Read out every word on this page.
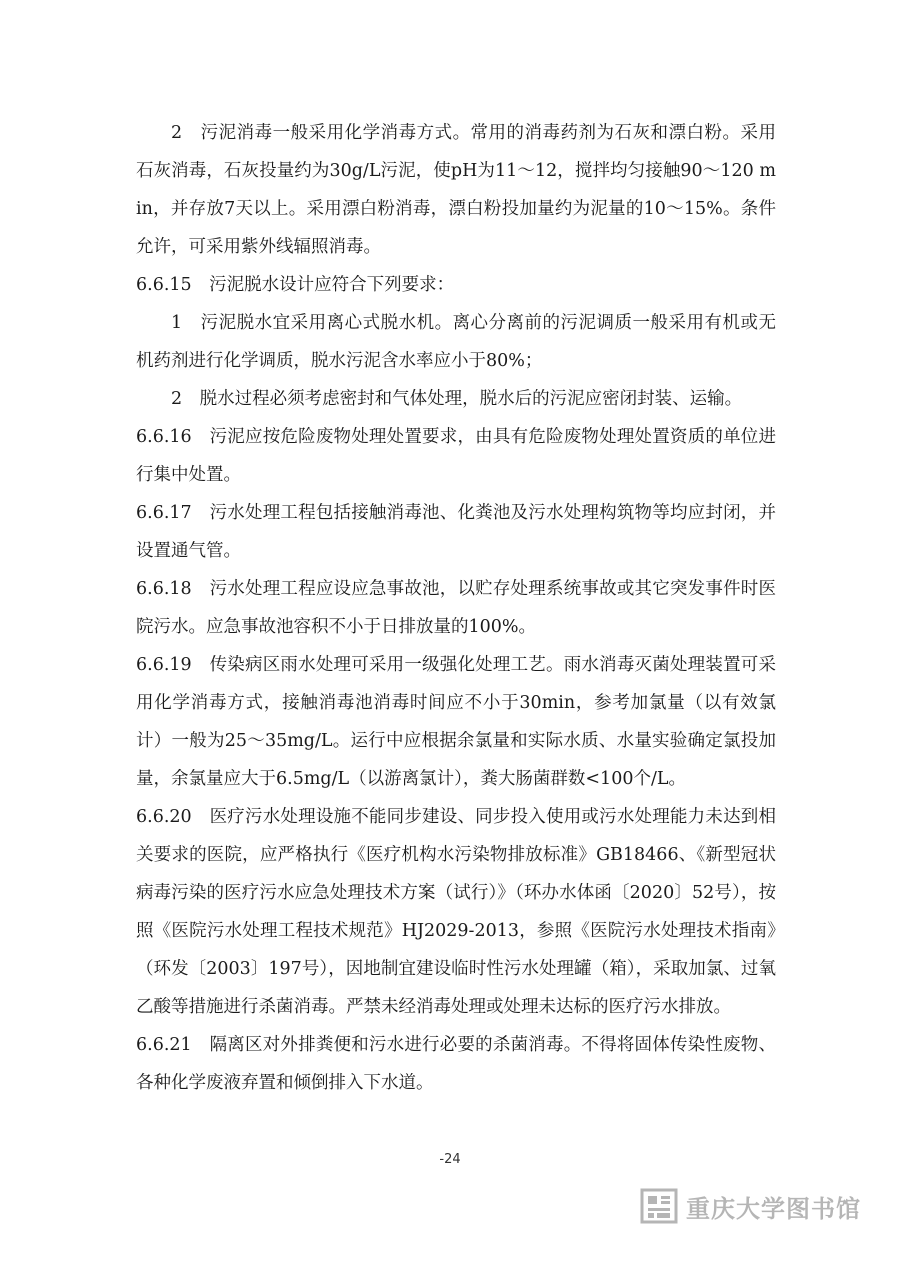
2　污泥消毒一般采用化学消毒方式。常用的消毒药剂为石灰和漂白粉。采用石灰消毒，石灰投量约为30g/L污泥，使pH为11～12，搅拌均匀接触90～120 min，并存放7天以上。采用漂白粉消毒，漂白粉投加量约为泥量的10～15%。条件允许，可采用紫外线辐照消毒。

6.6.15　污泥脱水设计应符合下列要求：

1　污泥脱水宜采用离心式脱水机。离心分离前的污泥调质一般采用有机或无机药剂进行化学调质，脱水污泥含水率应小于80%；

2　脱水过程必须考虑密封和气体处理，脱水后的污泥应密闭封装、运输。

6.6.16　污泥应按危险废物处理处置要求，由具有危险废物处理处置资质的单位进行集中处置。

6.6.17　污水处理工程包括接触消毒池、化粪池及污水处理构筑物等均应封闭，并设置通气管。

6.6.18　污水处理工程应设应急事故池，以贮存处理系统事故或其它突发事件时医院污水。应急事故池容积不小于日排放量的100%。

6.6.19　传染病区雨水处理可采用一级强化处理工艺。雨水消毒灭菌处理装置可采用化学消毒方式，接触消毒池消毒时间应不小于30min，参考加氯量（以有效氯计）一般为25～35mg/L。运行中应根据余氯量和实际水质、水量实验确定氯投加量，余氯量应大于6.5mg/L（以游离氯计），粪大肠菌群数<100个/L。

6.6.20　医疗污水处理设施不能同步建设、同步投入使用或污水处理能力未达到相关要求的医院，应严格执行《医疗机构水污染物排放标准》GB18466、《新型冠状病毒污染的医疗污水应急处理技术方案（试行）》（环办水体函〔2020〕52号），按照《医院污水处理工程技术规范》HJ2029-2013，参照《医院污水处理技术指南》（环发〔2003〕197号），因地制宜建设临时性污水处理罐（箱），采取加氯、过氧乙酸等措施进行杀菌消毒。严禁未经消毒处理或处理未达标的医疗污水排放。

6.6.21　隔离区对外排粪便和污水进行必要的杀菌消毒。不得将固体传染性废物、各种化学废液弃置和倾倒排入下水道。

-24
重庆大学图书馆
